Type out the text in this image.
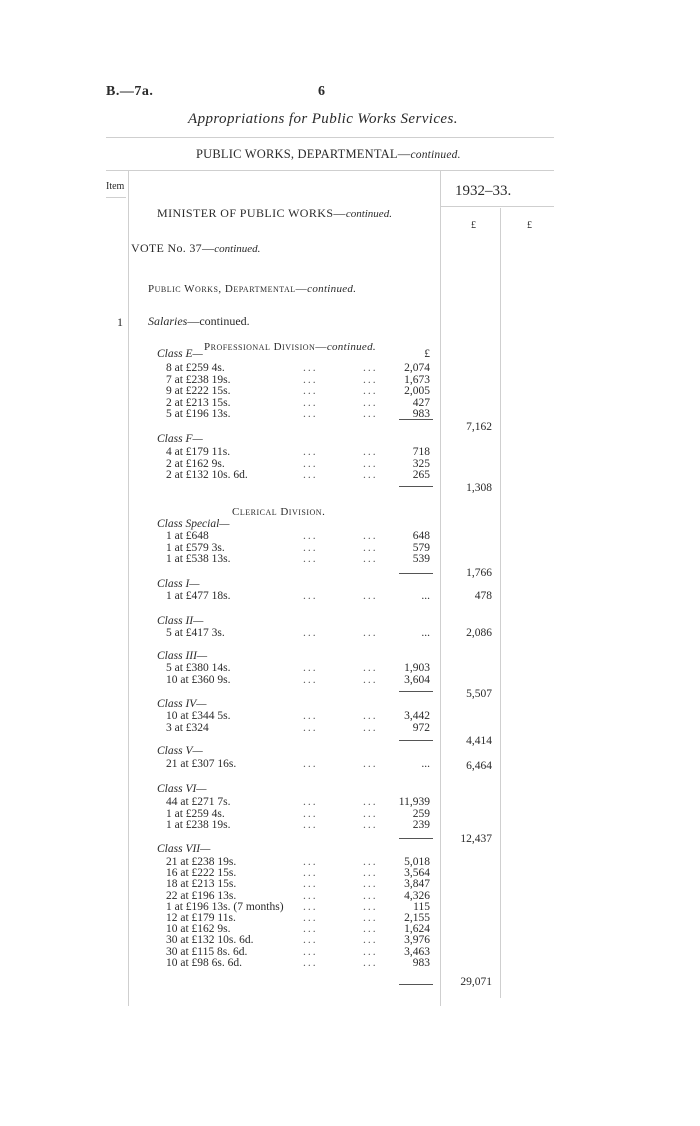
B.—7a.	6
Appropriations for Public Works Services.
PUBLIC WORKS, DEPARTMENTAL—continued.
Item	1932–33.
£	£
MINISTER OF PUBLIC WORKS—continued.
VOTE No. 37—continued.
Public Works, Departmental—continued.
1 Salaries—continued.
Professional Division—continued.
£
Clerical Division.
Class E—
8 at £259 4s.	...	... 2,074
7 at £238 19s.	...	... 1,673
9 at £222 15s.	...	... 2,005
2 at £213 15s.	...	...	427
5 at £196 13s.	...	...	983
7,162
Class F—
4 at £179 11s.	...	...	718
2 at £162 9s.	...	...	325
2 at £132 10s. 6d.	...	...	265
1,308
Class Special—
1 at £648	...	...	648
1 at £579 3s.	...	...	579
1 at £538 13s.	...	...	539
1,766
Class I—
1 at £477 18s.	...	...	...	478
Class II—
5 at £417 3s.	...	...	...	2,086
Class III—
5 at £380 14s.	...	... 1,903
10 at £360 9s.	...	... 3,604
5,507
Class IV—
10 at £344 5s.	...	... 3,442
3 at £324	...	...	972
4,414
Class V—
21 at £307 16s.	...	...	...	6,464
Class VI—
44 at £271 7s.	...	... 11,939
1 at £259 4s.	...	...	259
1 at £238 19s.	...	...	239
12,437
Class VII—
21 at £238 19s.	...	... 5,018
16 at £222 15s.	...	... 3,564
18 at £213 15s.	...	... 3,847
22 at £196 13s.	...	... 4,326
1 at £196 13s. (7 months) ...	...	115
12 at £179 11s.	...	... 2,155
10 at £162 9s.	...	... 1,624
30 at £132 10s. 6d.	...	... 3,976
30 at £115 8s. 6d.	...	... 3,463
10 at £98 6s. 6d.	...	...	983
29,071
